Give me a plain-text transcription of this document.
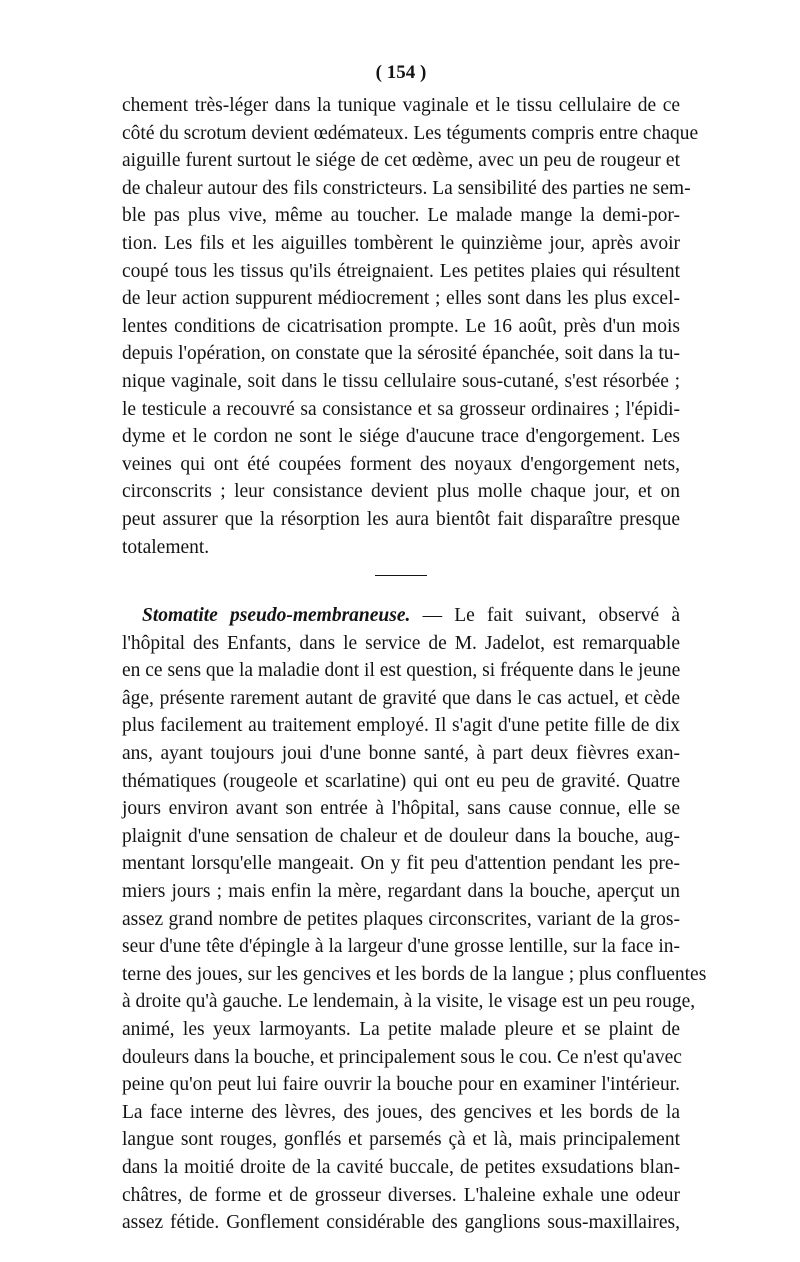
( 154 )
chement très-léger dans la tunique vaginale et le tissu cellulaire de ce
côté du scrotum devient œdémateux. Les téguments compris entre chaque
aiguille furent surtout le siége de cet œdème, avec un peu de rougeur et
de chaleur autour des fils constricteurs. La sensibilité des parties ne sem-
ble pas plus vive, même au toucher. Le malade mange la demi-por-
tion. Les fils et les aiguilles tombèrent le quinzième jour, après avoir
coupé tous les tissus qu'ils étreignaient. Les petites plaies qui résultent
de leur action suppurent médiocrement ; elles sont dans les plus excel-
lentes conditions de cicatrisation prompte. Le 16 août, près d'un mois
depuis l'opération, on constate que la sérosité épanchée, soit dans la tu-
nique vaginale, soit dans le tissu cellulaire sous-cutané, s'est résorbée ;
le testicule a recouvré sa consistance et sa grosseur ordinaires ; l'épidi-
dyme et le cordon ne sont le siége d'aucune trace d'engorgement. Les
veines qui ont été coupées forment des noyaux d'engorgement nets,
circonscrits ; leur consistance devient plus molle chaque jour, et on
peut assurer que la résorption les aura bientôt fait disparaître presque
totalement.
Stomatite pseudo-membraneuse. — Le fait suivant, observé à
l'hôpital des Enfants, dans le service de M. Jadelot, est remarquable
en ce sens que la maladie dont il est question, si fréquente dans le jeune
âge, présente rarement autant de gravité que dans le cas actuel, et cède
plus facilement au traitement employé. Il s'agit d'une petite fille de dix
ans, ayant toujours joui d'une bonne santé, à part deux fièvres exan-
thématiques (rougeole et scarlatine) qui ont eu peu de gravité. Quatre
jours environ avant son entrée à l'hôpital, sans cause connue, elle se
plaignit d'une sensation de chaleur et de douleur dans la bouche, aug-
mentant lorsqu'elle mangeait. On y fit peu d'attention pendant les pre-
miers jours ; mais enfin la mère, regardant dans la bouche, aperçut un
assez grand nombre de petites plaques circonscrites, variant de la gros-
seur d'une tête d'épingle à la largeur d'une grosse lentille, sur la face in-
terne des joues, sur les gencives et les bords de la langue ; plus confluentes
à droite qu'à gauche. Le lendemain, à la visite, le visage est un peu rouge,
animé, les yeux larmoyants. La petite malade pleure et se plaint de
douleurs dans la bouche, et principalement sous le cou. Ce n'est qu'avec
peine qu'on peut lui faire ouvrir la bouche pour en examiner l'intérieur.
La face interne des lèvres, des joues, des gencives et les bords de la
langue sont rouges, gonflés et parsemés çà et là, mais principalement
dans la moitié droite de la cavité buccale, de petites exsudations blan-
châtres, de forme et de grosseur diverses. L'haleine exhale une odeur
assez fétide. Gonflement considérable des ganglions sous-maxillaires,
